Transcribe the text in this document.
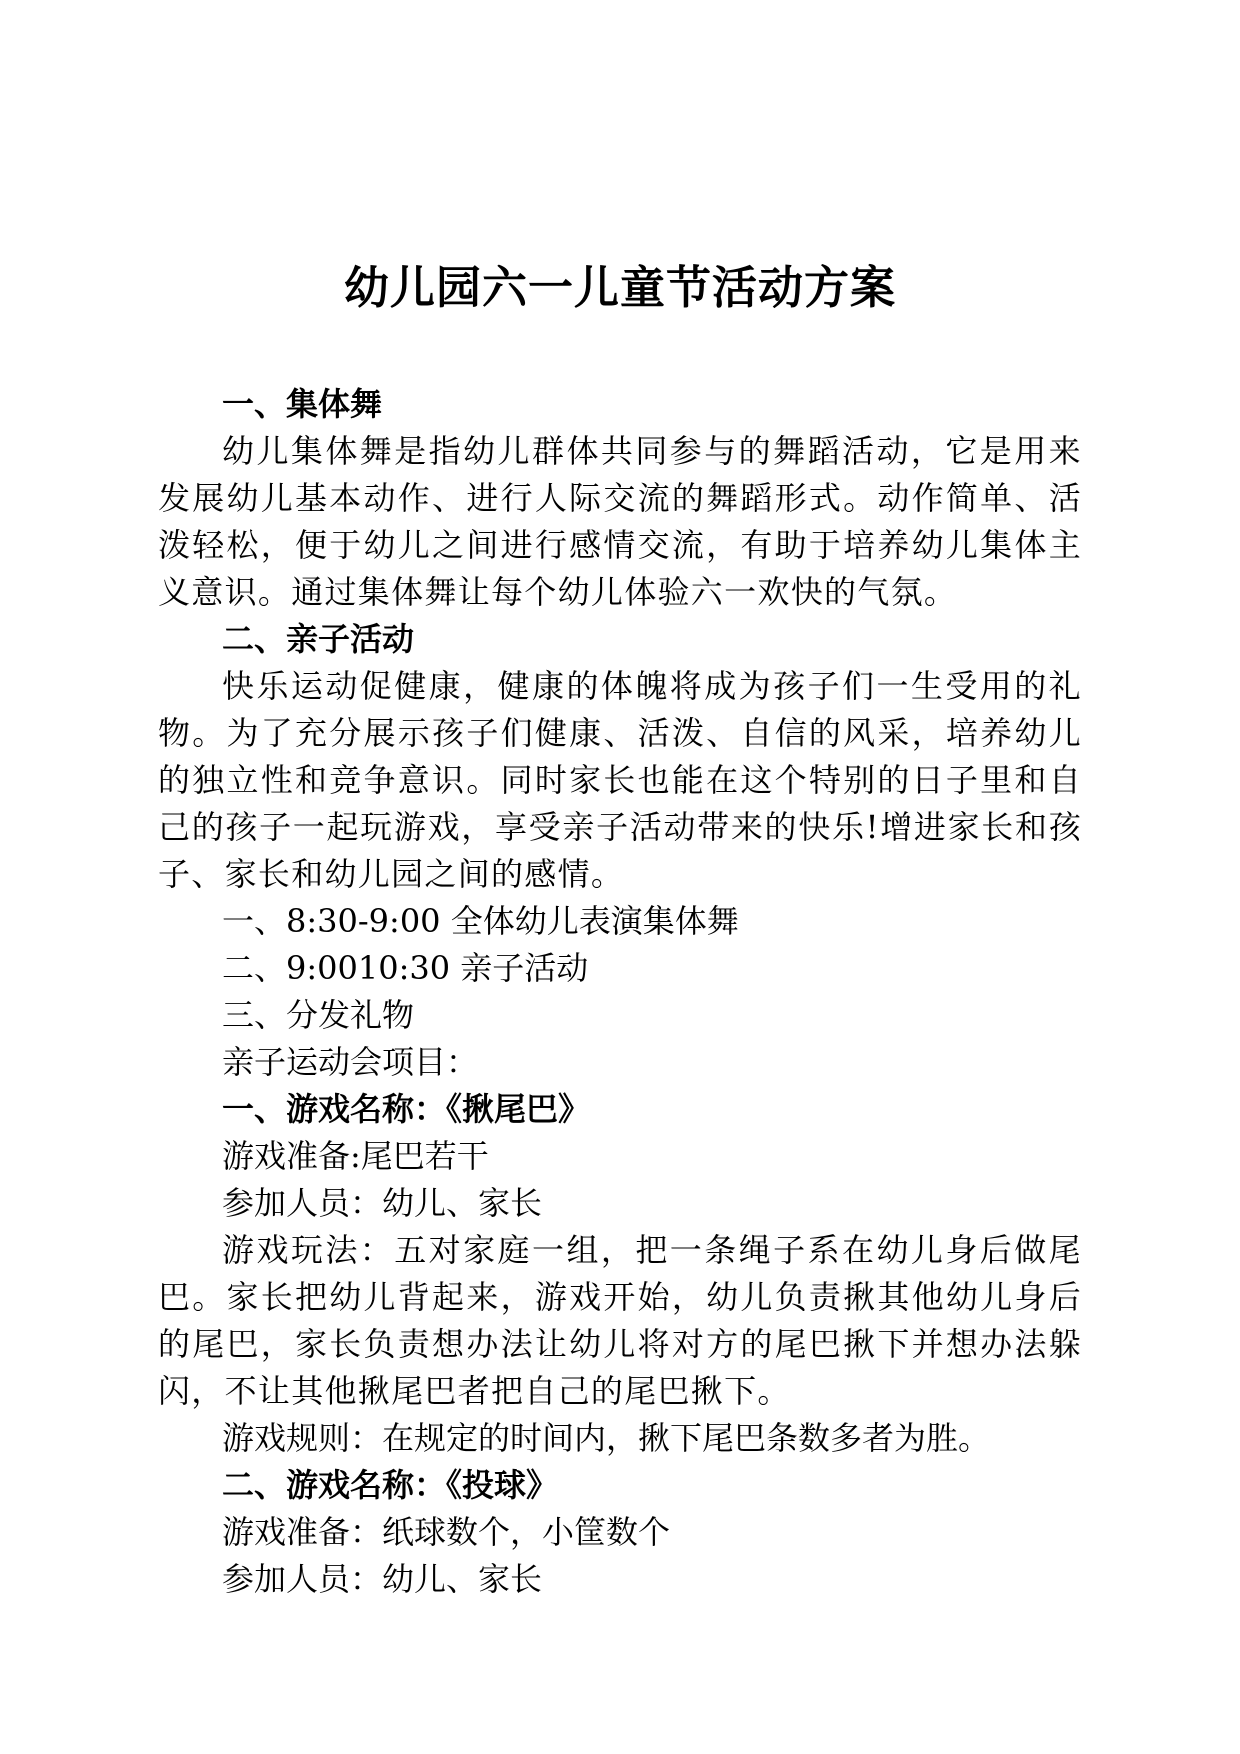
幼儿园六一儿童节活动方案

一、集体舞

幼儿集体舞是指幼儿群体共同参与的舞蹈活动，它是用来发展幼儿基本动作、进行人际交流的舞蹈形式。动作简单、活泼轻松，便于幼儿之间进行感情交流，有助于培养幼儿集体主义意识。通过集体舞让每个幼儿体验六一欢快的气氛。

二、亲子活动

快乐运动促健康，健康的体魄将成为孩子们一生受用的礼物。为了充分展示孩子们健康、活泼、自信的风采，培养幼儿的独立性和竞争意识。同时家长也能在这个特别的日子里和自己的孩子一起玩游戏，享受亲子活动带来的快乐!增进家长和孩子、家长和幼儿园之间的感情。

一、8:30-9:00 全体幼儿表演集体舞

二、9:0010:30 亲子活动

三、分发礼物

亲子运动会项目：

一、游戏名称：《揪尾巴》

游戏准备:尾巴若干

参加人员：幼儿、家长

游戏玩法：五对家庭一组，把一条绳子系在幼儿身后做尾巴。家长把幼儿背起来，游戏开始，幼儿负责揪其他幼儿身后的尾巴，家长负责想办法让幼儿将对方的尾巴揪下并想办法躲闪，不让其他揪尾巴者把自己的尾巴揪下。

游戏规则：在规定的时间内，揪下尾巴条数多者为胜。

二、游戏名称：《投球》

游戏准备：纸球数个，小筐数个

参加人员：幼儿、家长
